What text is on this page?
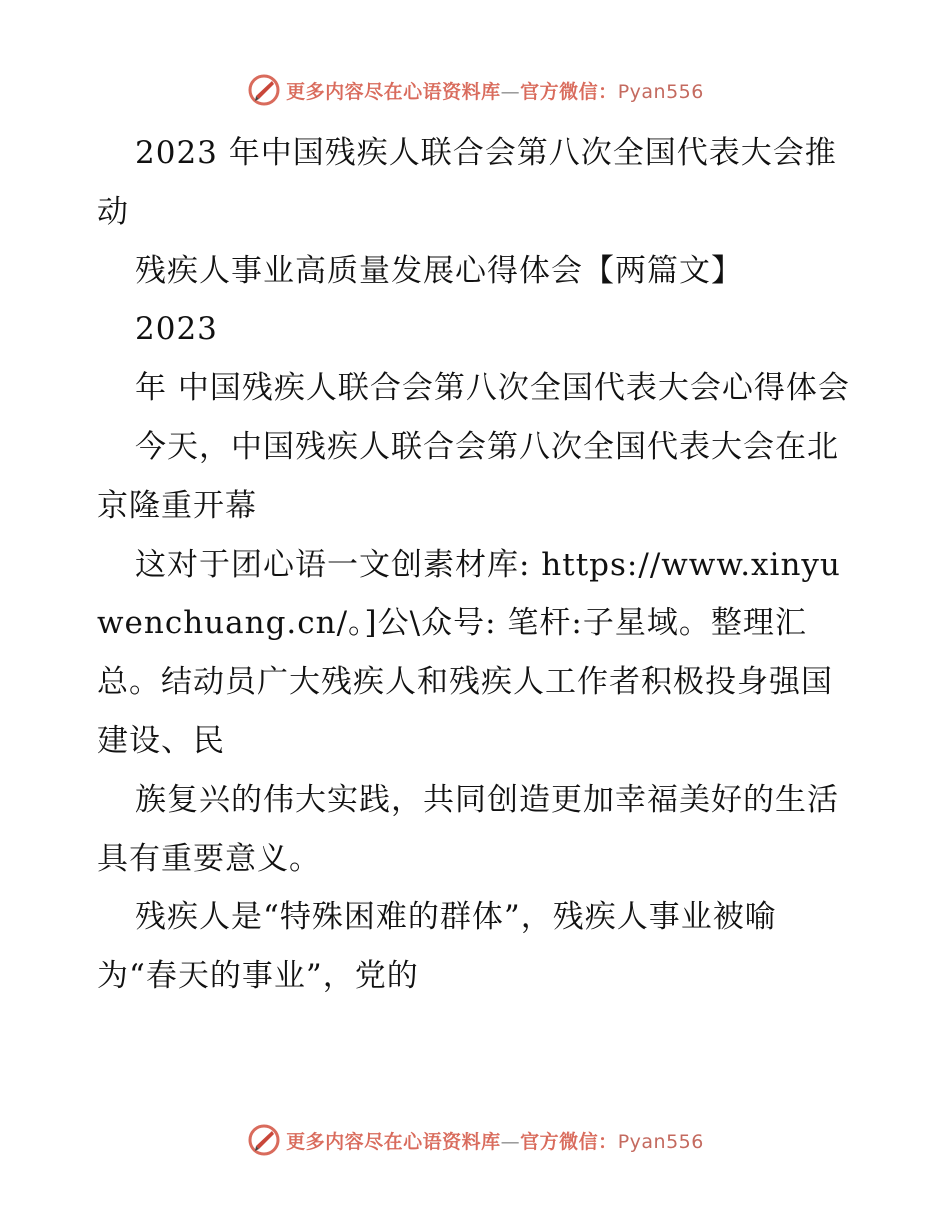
更多内容尽在心语资料库—官方微信：Pyan556

2023 年中国残疾人联合会第八次全国代表大会推动

残疾人事业高质量发展心得体会【两篇文】

2023

年 中国残疾人联合会第八次全国代表大会心得体会

今天，中国残疾人联合会第八次全国代表大会在北京隆重开幕

这对于团心语一文创素材库: https://www.xinyuwenchuang.cn/。]公\众号: 笔杆:子星域。整理汇总。结动员广大残疾人和残疾人工作者积极投身强国建设、民

族复兴的伟大实践，共同创造更加幸福美好的生活具有重要意义。

残疾人是“特殊困难的群体”，残疾人事业被喻为“春天的事业”，党的

更多内容尽在心语资料库—官方微信：Pyan556
